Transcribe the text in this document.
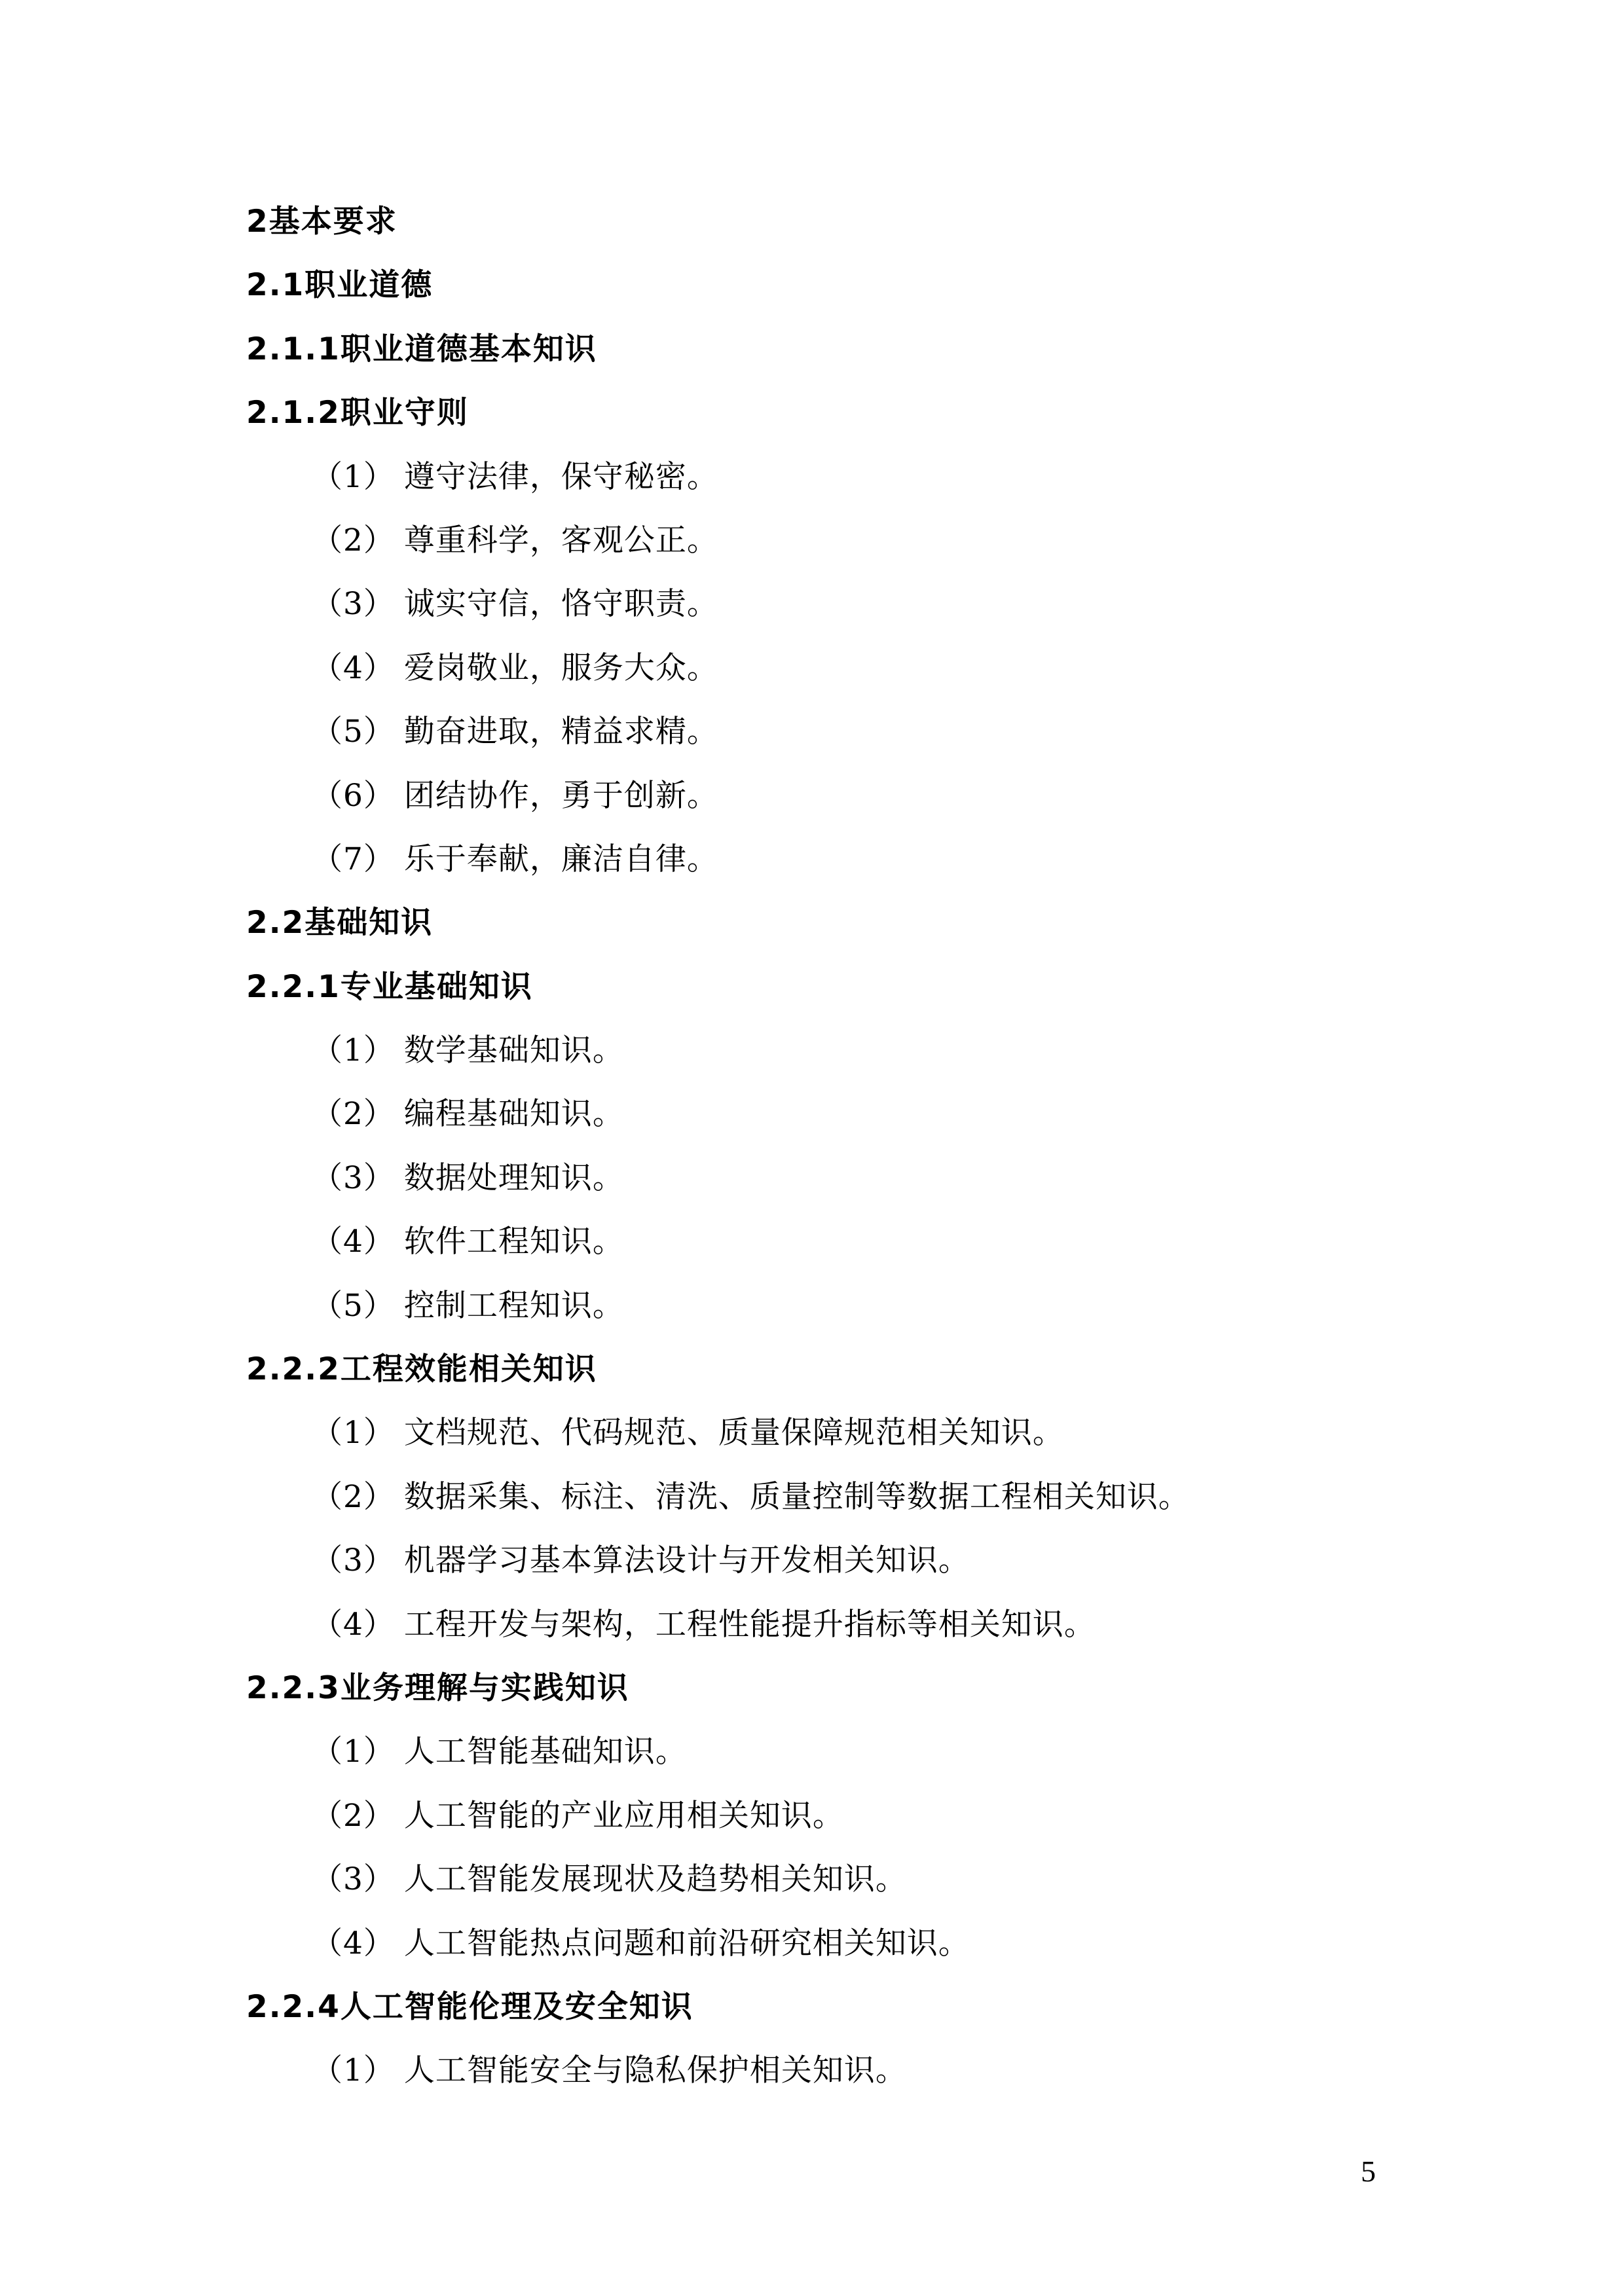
2基本要求
2.1职业道德
2.1.1职业道德基本知识
2.1.2职业守则
（1） 遵守法律，保守秘密。
（2） 尊重科学，客观公正。
（3） 诚实守信，恪守职责。
（4） 爱岗敬业，服务大众。
（5） 勤奋进取，精益求精。
（6） 团结协作，勇于创新。
（7） 乐于奉献，廉洁自律。
2.2基础知识
2.2.1专业基础知识
（1） 数学基础知识。
（2） 编程基础知识。
（3） 数据处理知识。
（4） 软件工程知识。
（5） 控制工程知识。
2.2.2工程效能相关知识
（1） 文档规范、代码规范、质量保障规范相关知识。
（2） 数据采集、标注、清洗、质量控制等数据工程相关知识。
（3） 机器学习基本算法设计与开发相关知识。
（4） 工程开发与架构，工程性能提升指标等相关知识。
2.2.3业务理解与实践知识
（1） 人工智能基础知识。
（2） 人工智能的产业应用相关知识。
（3） 人工智能发展现状及趋势相关知识。
（4） 人工智能热点问题和前沿研究相关知识。
2.2.4人工智能伦理及安全知识
（1） 人工智能安全与隐私保护相关知识。
5
